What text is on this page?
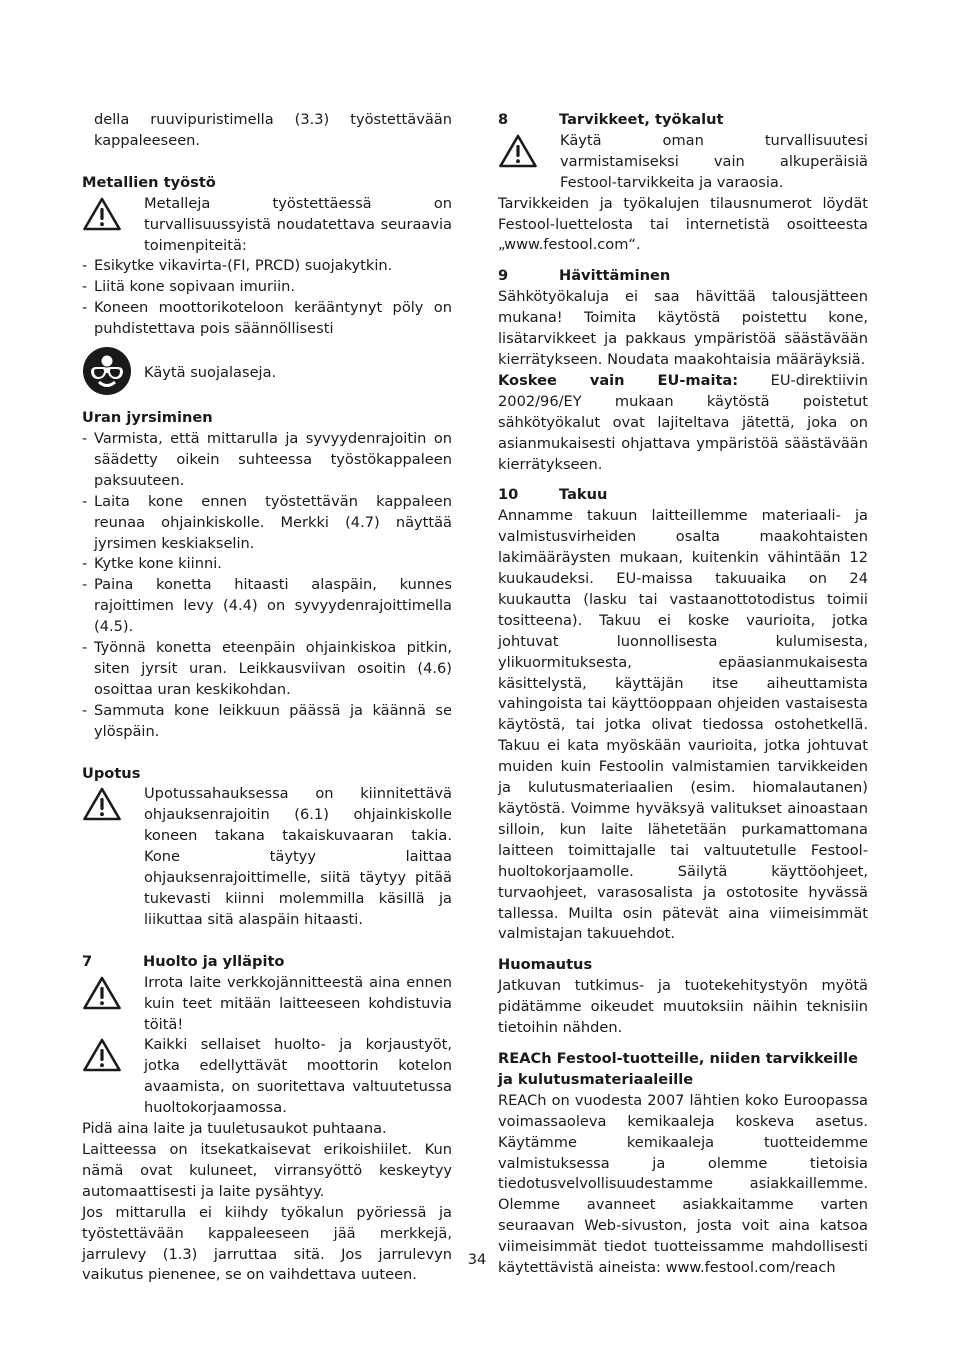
della ruuvipuristimella (3.3) työstettävään kappaleeseen.

Metallien työstö

Metalleja työstettäessä on turvallisuussyistä noudatettava seuraavia toimenpiteitä:

- Esikytke vikavirta-(FI, PRCD) suojakytkin.
- Liitä kone sopivaan imuriin.
- Koneen moottorikoteloon kerääntynyt pöly on puhdistettava pois säännöllisesti

Käytä suojalaseja.

Uran jyrsiminen
- Varmista, että mittarulla ja syvyydenrajoitin on säädetty oikein suhteessa työstökappaleen paksuuteen.
- Laita kone ennen työstettävän kappaleen reunaa ohjainkiskolle. Merkki (4.7) näyttää jyrsimen keskiakselin.
- Kytke kone kiinni.
- Paina konetta hitaasti alaspäin, kunnes rajoittimen levy (4.4) on syvyydenrajoittimella (4.5).
- Työnnä konetta eteenpäin ohjainkiskoa pitkin, siten jyrsit uran. Leikkausviivan osoitin (4.6) osoittaa uran keskikohdan.
- Sammuta kone leikkuun päässä ja käännä se ylöspäin.
Upotus

Upotussahauksessa on kiinnitettävä ohjauksenrajoitin (6.1) ohjainkiskolle koneen takana takaiskuvaaran takia. Kone täytyy laittaa ohjauksenrajoittimelle, siitä täytyy pitää tukevasti kiinni molemmilla käsillä ja liikuttaa sitä alaspäin hitaasti.

7	Huolto ja ylläpito

Irrota laite verkkojännitteestä aina ennen kuin teet mitään laitteeseen kohdistuvia töitä!

Kaikki sellaiset huolto- ja korjaustyöt, jotka edellyttävät moottorin kotelon avaamista, on suoritettava valtuutetussa huoltokorjaamossa.

Pidä aina laite ja tuuletusaukot puhtaana.

Laitteessa on itsekatkaisevat erikoishiilet. Kun nämä ovat kuluneet, virransyöttö keskeytyy automaattisesti ja laite pysähtyy.

Jos mittarulla ei kiihdy työkalun pyöriessä ja työstettävään kappaleeseen jää merkkejä, jarrulevy (1.3) jarruttaa sitä. Jos jarrulevyn vaikutus pienenee, se on vaihdettava uuteen.

8	Tarvikkeet, työkalut

Käytä oman turvallisuutesi varmistamiseksi vain alkuperäisiä Festool-tarvikkeita ja varaosia.

Tarvikkeiden ja työkalujen tilausnumerot löydät Festool-luettelosta tai internetistä osoitteesta „www.festool.com“.

9	Hävittäminen

Sähkötyökaluja ei saa hävittää talousjätteen mukana! Toimita käytöstä poistettu kone, lisätarvikkeet ja pakkaus ympäristöä säästävään kierrätykseen. Noudata maakohtaisia määräyksiä.

Koskee vain EU-maita: EU-direktiivin 2002/96/EY mukaan käytöstä poistetut sähkötyökalut ovat lajiteltava jätettä, joka on asianmukaisesti ohjattava ympäristöä säästävään kierrätykseen.

10	Takuu

Annamme takuun laitteillemme materiaali- ja valmistusvirheiden osalta maakohtaisten lakimääräysten mukaan, kuitenkin vähintään 12 kuukaudeksi. EU-maissa takuuaika on 24 kuukautta (lasku tai vastaanottotodistus toimii tositteena). Takuu ei koske vaurioita, jotka johtuvat luonnollisesta kulumisesta, ylikuormituksesta, epäasianmukaisesta käsittelystä, käyttäjän itse aiheuttamista vahingoista tai käyttöoppaan ohjeiden vastaisesta käytöstä, tai jotka olivat tiedossa ostohetkellä. Takuu ei kata myöskään vaurioita, jotka johtuvat muiden kuin Festoolin valmistamien tarvikkeiden ja kulutusmateriaalien (esim. hiomalautanen) käytöstä. Voimme hyväksyä valitukset ainoastaan silloin, kun laite lähetetään purkamattomana laitteen toimittajalle tai valtuutetulle Festool-huoltokorjaamolle. Säilytä käyttöohjeet, turvaohjeet, varasosalista ja ostotosite hyvässä tallessa. Muilta osin pätevät aina viimeisimmät valmistajan takuuehdot.

Huomautus

Jatkuvan tutkimus- ja tuotekehitystyön myötä pidätämme oikeudet muutoksiin näihin teknisiin tietoihin nähden.

REACh Festool-tuotteille, niiden tarvikkeille ja kulutusmateriaaleille

REACh on vuodesta 2007 lähtien koko Euroopassa voimassaoleva kemikaaleja koskeva asetus. Käytämme kemikaaleja tuotteidemme valmistuksessa ja olemme tietoisia tiedotusvelvollisuudestamme asiakkaillemme. Olemme avanneet asiakkaitamme varten seuraavan Web-sivuston, josta voit aina katsoa viimeisimmät tiedot tuotteissamme mahdollisesti käytettävistä aineista: www.festool.com/reach

34
